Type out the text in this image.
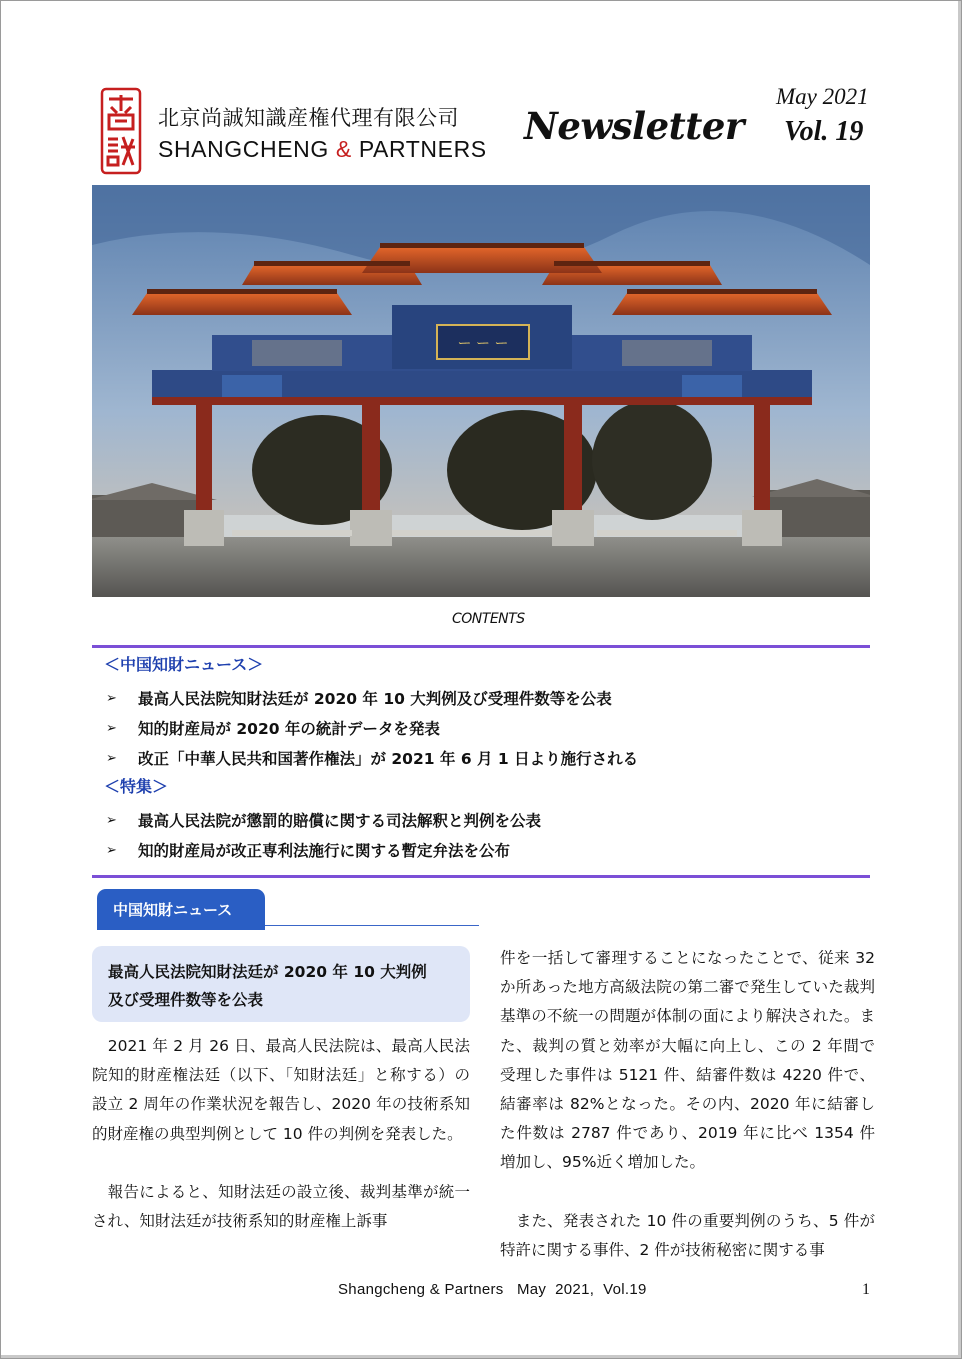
北京尚誠知識産権代理有限公司
SHANGCHENG & PARTNERS
Newsletter
May 2021
Vol. 19
ー ー ー
CONTENTS
＜中国知財ニュース＞
➢	最高人民法院知財法廷が 2020 年 10 大判例及び受理件数等を公表
➢	知的財産局が 2020 年の統計データを発表
➢	改正「中華人民共和国著作権法」が 2021 年 6 月 1 日より施行される
＜特集＞
➢	最高人民法院が懲罰的賠償に関する司法解釈と判例を公表
➢	知的財産局が改正専利法施行に関する暫定弁法を公布
中国知財ニュース
最高人民法院知財法廷が 2020 年 10 大判例
及び受理件数等を公表

　2021 年 2 月 26 日、最高人民法院は、最高人民法院知的財産権法廷（以下、「知財法廷」と称する）の設立 2 周年の作業状況を報告し、2020 年の技術系知的財産権の典型判例として 10 件の判例を発表した。

　報告によると、知財法廷の設立後、裁判基準が統一され、知財法廷が技術系知的財産権上訴事

件を一括して審理することになったことで、従来 32 か所あった地方高級法院の第二審で発生していた裁判基準の不統一の問題が体制の面により解決された。また、裁判の質と効率が大幅に向上し、この 2 年間で受理した事件は 5121 件、結審件数は 4220 件で、結審率は 82%となった。その内、2020 年に結審した件数は 2787 件であり、2019 年に比べ 1354 件増加し、95%近く増加した。

　また、発表された 10 件の重要判例のうち、5 件が特許に関する事件、2 件が技術秘密に関する事

Shangcheng & Partners   May  2021,  Vol.19	1
